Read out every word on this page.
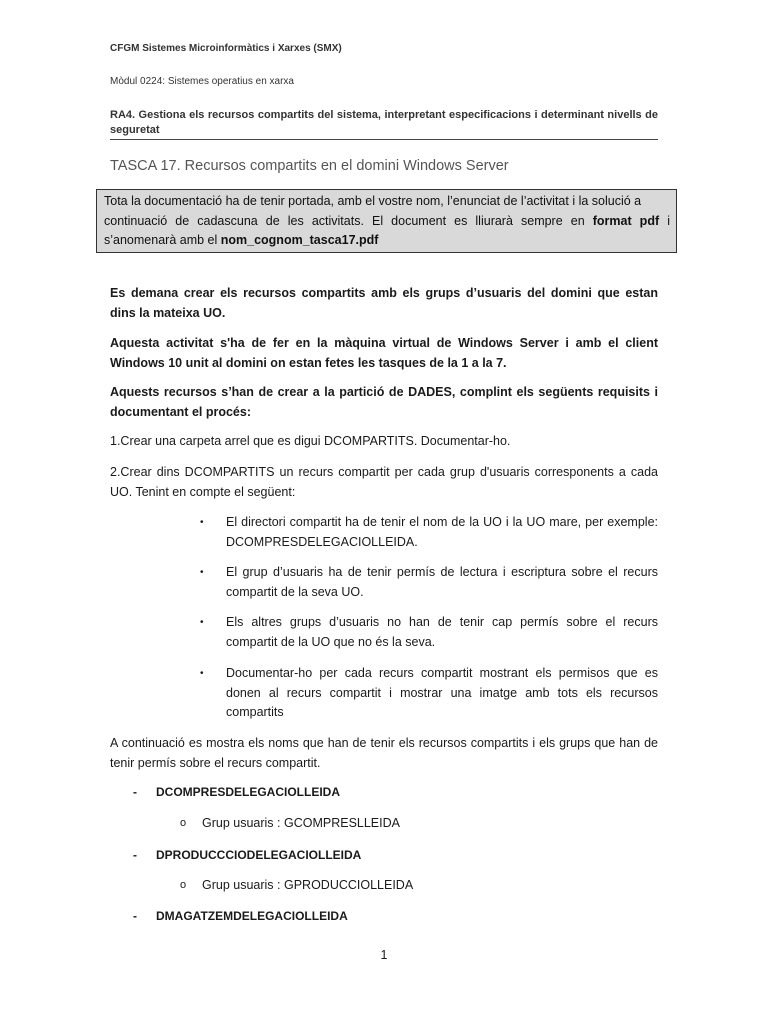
CFGM Sistemes Microinformàtics i Xarxes (SMX)
Mòdul 0224: Sistemes operatius en xarxa
RA4. Gestiona els recursos compartits del sistema, interpretant especificacions i determinant nivells de seguretat
TASCA 17. Recursos compartits en el domini Windows Server
Tota la documentació ha de tenir portada, amb el vostre nom, l’enunciat de l’activitat i la solució a
continuació de cadascuna de les activitats. El document es lliurarà sempre en format pdf i
s’anomenarà amb el nom_cognom_tasca17.pdf
Es demana crear els recursos compartits amb els grups d’usuaris del domini que estan dins la mateixa UO.
Aquesta activitat s'ha de fer en la màquina virtual de Windows Server i amb el client Windows 10 unit al domini on estan fetes les tasques de la 1 a la 7.
Aquests recursos s’han de crear a la partició de DADES, complint els següents requisits i documentant el procés:
1.Crear una carpeta arrel que es digui DCOMPARTITS. Documentar-ho.
2.Crear dins DCOMPARTITS un recurs compartit per cada grup d'usuaris corresponents a cada UO. Tenint en compte el següent:
• El directori compartit ha de tenir el nom de la UO i la UO mare, per exemple: DCOMPRESDELEGACIOLLEIDA.
• El grup d’usuaris ha de tenir permís de lectura i escriptura sobre el recurs compartit de la seva UO.
• Els altres grups d’usuaris no han de tenir cap permís sobre el recurs compartit de la UO que no és la seva.
• Documentar-ho per cada recurs compartit mostrant els permisos que es donen al recurs compartit i mostrar una imatge amb tots els recursos compartits
A continuació es mostra els noms que han de tenir els recursos compartits i els grups que han de tenir permís sobre el recurs compartit.
- DCOMPRESDELEGACIOLLEIDA
o Grup usuaris : GCOMPRESLLEIDA
- DPRODUCCCIODELEGACIOLLEIDA
o Grup usuaris : GPRODUCCIOLLEIDA
- DMAGATZEMDELEGACIOLLEIDA
1
